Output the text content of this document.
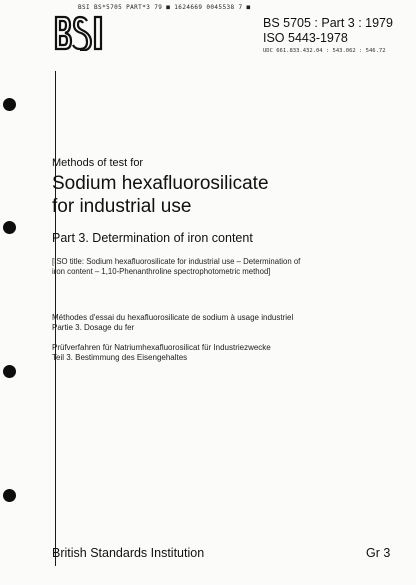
BSI BS*5705 PART*3 79 ■ 1624669 0045538 7 ■
BS 5705 : Part 3 : 1979
ISO 5443-1978
UDC 661.833.432.04 : 543.062 : 546.72
Methods of test for
Sodium hexafluorosilicate
for industrial use
Part 3. Determination of iron content
[ISO title: Sodium hexafluorosilicate for industrial use – Determination of
iron content – 1,10-Phenanthroline spectrophotometric method]
Méthodes d'essai du hexafluorosilicate de sodium à usage industriel
Partie 3. Dosage du fer
Prüfverfahren für Natriumhexafluorosilicat für Industriezwecke
Teil 3. Bestimmung des Eisengehaltes
British Standards Institution	Gr 3
